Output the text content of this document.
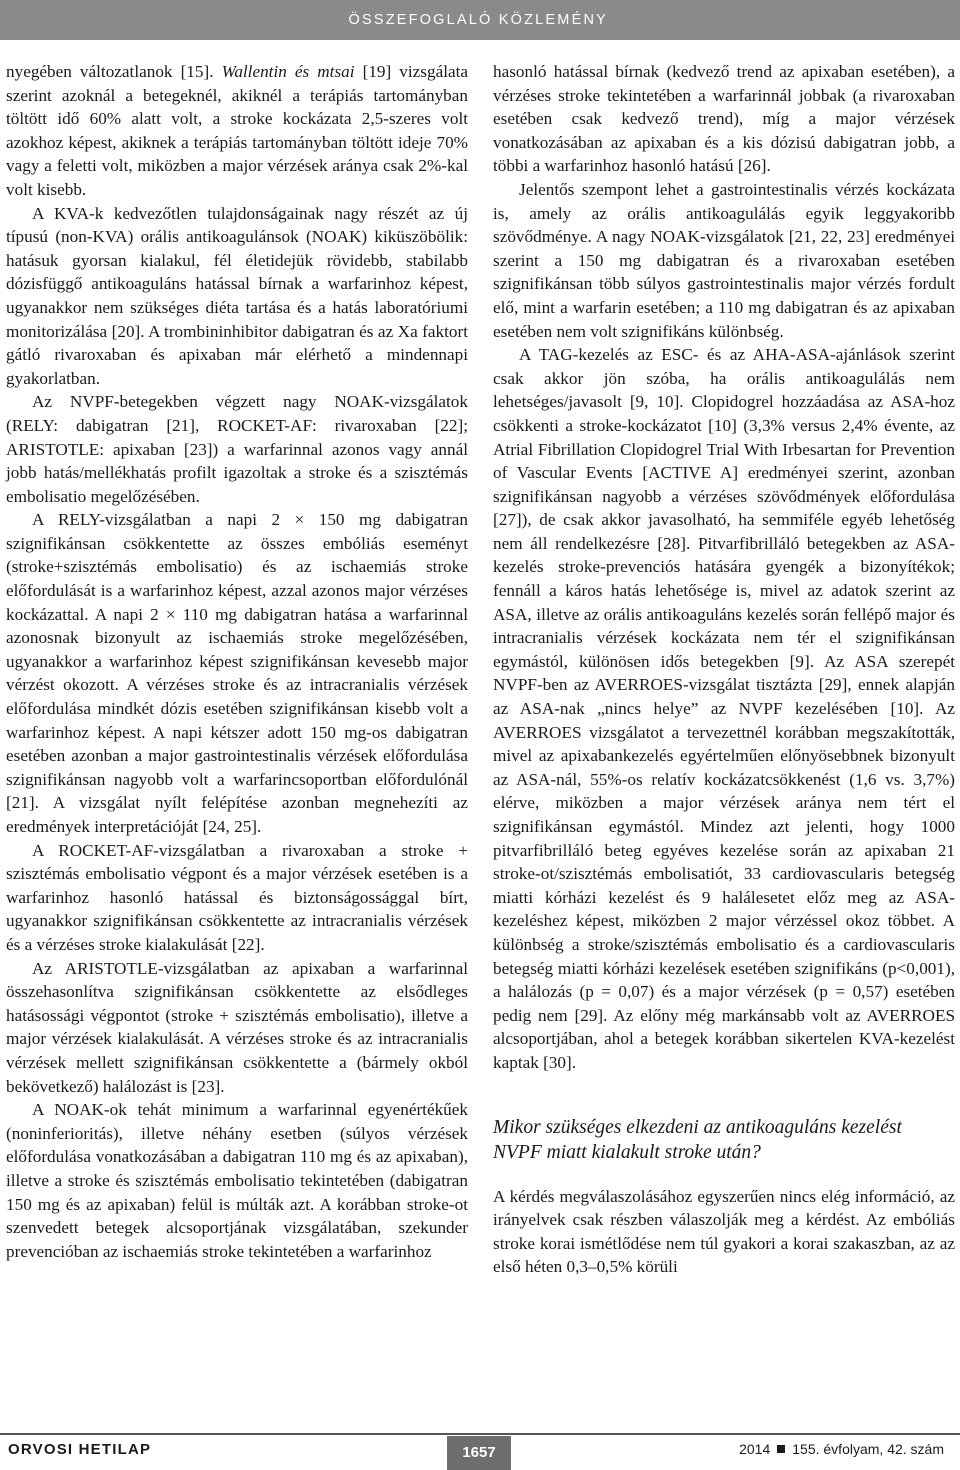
ÖSSZEFOGLALÓ KÖZLEMÉNY

nyegében változatlanok [15]. Wallentin és mtsai [19] vizsgálata szerint azoknál a betegeknél, akiknél a terápiás tartományban töltött idő 60% alatt volt, a stroke kockázata 2,5-szeres volt azokhoz képest, akiknek a terápiás tartományban töltött ideje 70% vagy a feletti volt, miközben a major vérzések aránya csak 2%-kal volt kisebb.

A KVA-k kedvezőtlen tulajdonságainak nagy részét az új típusú (non-KVA) orális antikoagulánsok (NOAK) kiküszöbölik: hatásuk gyorsan kialakul, fél életidejük rövidebb, stabilabb dózisfüggő antikoaguláns hatással bírnak a warfarinhoz képest, ugyanakkor nem szükséges diéta tartása és a hatás laboratóriumi monitorizálása [20]. A trombininhibitor dabigatran és az Xa faktort gátló rivaroxaban és apixaban már elérhető a mindennapi gyakorlatban.

Az NVPF-betegekben végzett nagy NOAK-vizsgálatok (RELY: dabigatran [21], ROCKET-AF: rivaroxaban [22]; ARISTOTLE: apixaban [23]) a warfarinnal azonos vagy annál jobb hatás/mellékhatás profilt igazoltak a stroke és a szisztémás embolisatio megelőzésében.

A RELY-vizsgálatban a napi 2 × 150 mg dabigatran szignifikánsan csökkentette az összes embóliás eseményt (stroke+szisztémás embolisatio) és az ischaemiás stroke előfordulását is a warfarinhoz képest, azzal azonos major vérzéses kockázattal. A napi 2 × 110 mg dabigatran hatása a warfarinnal azonosnak bizonyult az ischaemiás stroke megelőzésében, ugyanakkor a warfarinhoz képest szignifikánsan kevesebb major vérzést okozott. A vérzéses stroke és az intracranialis vérzések előfordulása mindkét dózis esetében szignifikánsan kisebb volt a warfarinhoz képest. A napi kétszer adott 150 mg-os dabigatran esetében azonban a major gastrointestinalis vérzések előfordulása szignifikánsan nagyobb volt a warfarincsoportban előfordulónál [21]. A vizsgálat nyílt felépítése azonban megnehezíti az eredmények interpretációját [24, 25].

A ROCKET-AF-vizsgálatban a rivaroxaban a stroke + szisztémás embolisatio végpont és a major vérzések esetében is a warfarinhoz hasonló hatással és biztonságossággal bírt, ugyanakkor szignifikánsan csökkentette az intracranialis vérzések és a vérzéses stroke kialakulását [22].

Az ARISTOTLE-vizsgálatban az apixaban a warfarinnal összehasonlítva szignifikánsan csökkentette az elsődleges hatásossági végpontot (stroke + szisztémás embolisatio), illetve a major vérzések kialakulását. A vérzéses stroke és az intracranialis vérzések mellett szignifikánsan csökkentette a (bármely okból bekövetkező) halálozást is [23].

A NOAK-ok tehát minimum a warfarinnal egyenértékűek (noninferioritás), illetve néhány esetben (súlyos vérzések előfordulása vonatkozásában a dabigatran 110 mg és az apixaban), illetve a stroke és szisztémás embolisatio tekintetében (dabigatran 150 mg és az apixaban) felül is múlták azt. A korábban stroke-ot szenvedett betegek alcsoportjának vizsgálatában, szekunder prevencióban az ischaemiás stroke tekintetében a warfarinhoz

hasonló hatással bírnak (kedvező trend az apixaban esetében), a vérzéses stroke tekintetében a warfarinnál jobbak (a rivaroxaban esetében csak kedvező trend), míg a major vérzések vonatkozásában az apixaban és a kis dózisú dabigatran jobb, a többi a warfarinhoz hasonló hatású [26].

Jelentős szempont lehet a gastrointestinalis vérzés kockázata is, amely az orális antikoagulálás egyik leggyakoribb szövődménye. A nagy NOAK-vizsgálatok [21, 22, 23] eredményei szerint a 150 mg dabigatran és a rivaroxaban esetében szignifikánsan több súlyos gastrointestinalis major vérzés fordult elő, mint a warfarin esetében; a 110 mg dabigatran és az apixaban esetében nem volt szignifikáns különbség.

A TAG-kezelés az ESC- és az AHA-ASA-ajánlások szerint csak akkor jön szóba, ha orális antikoagulálás nem lehetséges/javasolt [9, 10]. Clopidogrel hozzáadása az ASA-hoz csökkenti a stroke-kockázatot [10] (3,3% versus 2,4% évente, az Atrial Fibrillation Clopidogrel Trial With Irbesartan for Prevention of Vascular Events [ACTIVE A] eredményei szerint, azonban szignifikánsan nagyobb a vérzéses szövődmények előfordulása [27]), de csak akkor javasolható, ha semmiféle egyéb lehetőség nem áll rendelkezésre [28]. Pitvarfibrilláló betegekben az ASA-kezelés stroke-prevenciós hatására gyengék a bizonyítékok; fennáll a káros hatás lehetősége is, mivel az adatok szerint az ASA, illetve az orális antikoaguláns kezelés során fellépő major és intracranialis vérzések kockázata nem tér el szignifikánsan egymástól, különösen idős betegekben [9]. Az ASA szerepét NVPF-ben az AVERROES-vizsgálat tisztázta [29], ennek alapján az ASA-nak „nincs helye” az NVPF kezelésében [10]. Az AVERROES vizsgálatot a tervezettnél korábban megszakították, mivel az apixabankezelés egyértelműen előnyösebbnek bizonyult az ASA-nál, 55%-os relatív kockázatcsökkenést (1,6 vs. 3,7%) elérve, miközben a major vérzések aránya nem tért el szignifikánsan egymástól. Mindez azt jelenti, hogy 1000 pitvarfibrilláló beteg egyéves kezelése során az apixaban 21 stroke-ot/szisztémás embolisatiót, 33 cardiovascularis betegség miatti kórházi kezelést és 9 halálesetet előz meg az ASA-kezeléshez képest, miközben 2 major vérzéssel okoz többet. A különbség a stroke/szisztémás embolisatio és a cardiovascularis betegség miatti kórházi kezelések esetében szignifikáns (p<0,001), a halálozás (p = 0,07) és a major vérzések (p = 0,57) esetében pedig nem [29]. Az előny még markánsabb volt az AVERROES alcsoportjában, ahol a betegek korábban sikertelen KVA-kezelést kaptak [30].

Mikor szükséges elkezdeni az antikoaguláns kezelést NVPF miatt kialakult stroke után?

A kérdés megválaszolásához egyszerűen nincs elég információ, az irányelvek csak részben válaszolják meg a kérdést. Az embóliás stroke korai ismétlődése nem túl gyakori a korai szakaszban, az az első héten 0,3–0,5% körüli

ORVOSI HETILAP	1657	2014 155. évfolyam, 42. szám
